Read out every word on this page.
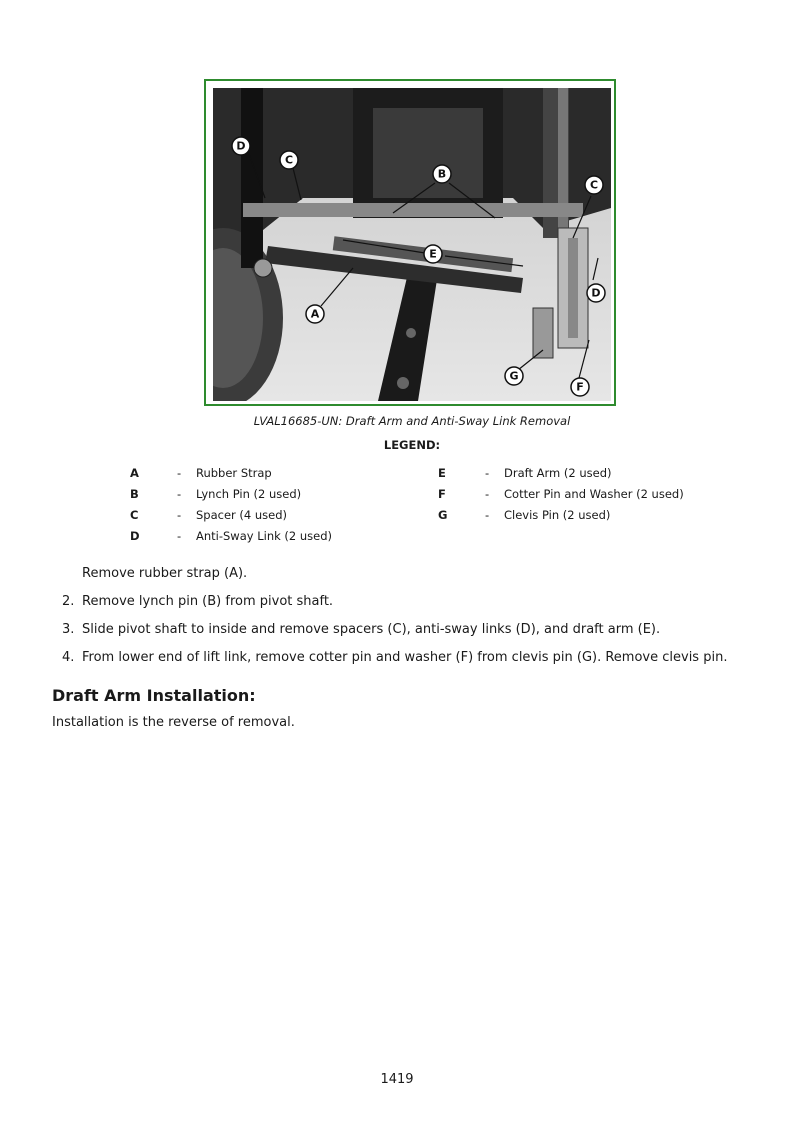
D
C
B
C
E
D
A
G
F
LVAL16685-UN: Draft Arm and Anti-Sway Link Removal
LEGEND:
A	- Rubber Strap
B	- Lynch Pin (2 used)
C	- Spacer (4 used)
D	- Anti-Sway Link (2 used)
E	- Draft Arm (2 used)
F	- Cotter Pin and Washer (2 used)
G	- Clevis Pin (2 used)
Remove rubber strap (A).
2. Remove lynch pin (B) from pivot shaft.
3. Slide pivot shaft to inside and remove spacers (C), anti-sway links (D), and draft arm (E).
4. From lower end of lift link, remove cotter pin and washer (F) from clevis pin (G). Remove clevis pin.
Draft Arm Installation:
Installation is the reverse of removal.
1419
